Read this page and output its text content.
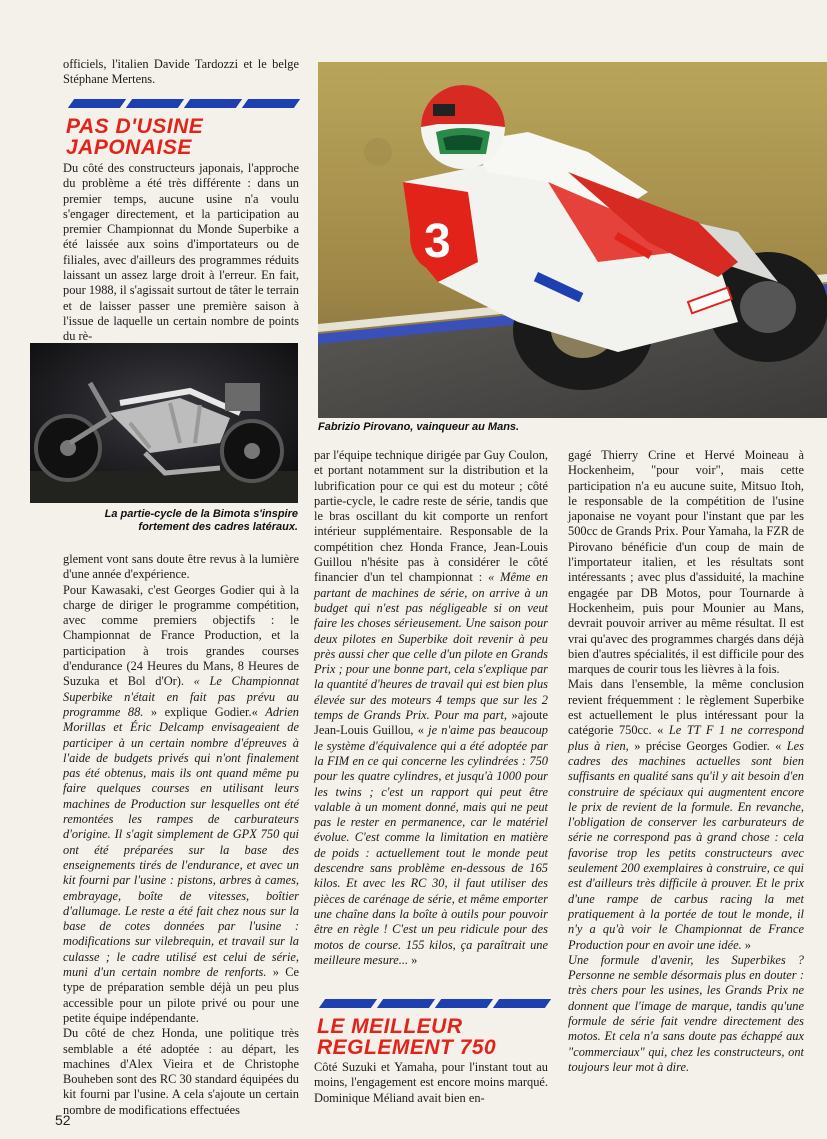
officiels, l'italien Davide Tardozzi et le belge Stéphane Mertens.

PAS D'USINE
JAPONAISE

Du côté des constructeurs japonais, l'approche du problème a été très différente : dans un premier temps, aucune usine n'a voulu s'engager directement, et la participation au premier Championnat du Monde Superbike a été laissée aux soins d'importateurs ou de filiales, avec d'ailleurs des programmes réduits laissant un assez large droit à l'erreur. En fait, pour 1988, il s'agissait surtout de tâter le terrain et de laisser passer une première saison à l'issue de laquelle un certain nombre de points du rè-

La partie-cycle de la Bimota s'inspire
fortement des cadres latéraux.

glement vont sans doute être revus à la lumière d'une année d'expérience.

Pour Kawasaki, c'est Georges Godier qui à la charge de diriger le programme compétition, avec comme premiers objectifs : le Championnat de France Production, et la participation à trois grandes courses d'endurance (24 Heures du Mans, 8 Heures de Suzuka et Bol d'Or). « Le Championnat Superbike n'était en fait pas prévu au programme 88. » explique Godier.« Adrien Morillas et Éric Delcamp envisageaient de participer à un certain nombre d'épreuves à l'aide de budgets privés qui n'ont finalement pas été obtenus, mais ils ont quand même pu faire quelques courses en utilisant leurs machines de Production sur lesquelles ont été remontées les rampes de carburateurs d'origine. Il s'agit simplement de GPX 750 qui ont été préparées sur la base des enseignements tirés de l'endurance, et avec un kit fourni par l'usine : pistons, arbres à cames, embrayage, boîte de vitesses, boîtier d'allumage. Le reste a été fait chez nous sur la base de cotes données par l'usine : modifications sur vilebrequin, et travail sur la culasse ; le cadre utilisé est celui de série, muni d'un certain nombre de renforts. » Ce type de préparation semble déjà un peu plus accessible pour un pilote privé ou pour une petite équipe indépendante.

Du côté de chez Honda, une politique très semblable a été adoptée : au départ, les machines d'Alex Vieira et de Christophe Bouheben sont des RC 30 standard équipées du kit fourni par l'usine. A cela s'ajoute un certain nombre de modifications effectuées

3
Fabrizio Pirovano, vainqueur au Mans.

par l'équipe technique dirigée par Guy Coulon, et portant notamment sur la distribution et la lubrification pour ce qui est du moteur ; côté partie-cycle, le cadre reste de série, tandis que le bras oscillant du kit comporte un renfort intérieur supplémentaire. Responsable de la compétition chez Honda France, Jean-Louis Guillou n'hésite pas à considérer le côté financier d'un tel championnat : « Même en partant de machines de série, on arrive à un budget qui n'est pas négligeable si on veut faire les choses sérieusement. Une saison pour deux pilotes en Superbike doit revenir à peu près aussi cher que celle d'un pilote en Grands Prix ; pour une bonne part, cela s'explique par la quantité d'heures de travail qui est bien plus élevée sur des moteurs 4 temps que sur les 2 temps de Grands Prix. Pour ma part, »ajoute Jean-Louis Guillou, « je n'aime pas beaucoup le système d'équivalence qui a été adoptée par la FIM en ce qui concerne les cylindrées : 750 pour les quatre cylindres, et jusqu'à 1000 pour les twins ; c'est un rapport qui peut être valable à un moment donné, mais qui ne peut pas le rester en permanence, car le matériel évolue. C'est comme la limitation en matière de poids : actuellement tout le monde peut descendre sans problème en-dessous de 165 kilos. Et avec les RC 30, il faut utiliser des pièces de carénage de série, et même emporter une chaîne dans la boîte à outils pour pouvoir être en règle ! C'est un peu ridicule pour des motos de course. 155 kilos, ça paraîtrait une meilleure mesure... »

LE MEILLEUR
REGLEMENT 750

Côté Suzuki et Yamaha, pour l'instant tout au moins, l'engagement est encore moins marqué. Dominique Méliand avait bien en-

gagé Thierry Crine et Hervé Moineau à Hockenheim, "pour voir", mais cette participation n'a eu aucune suite, Mitsuo Itoh, le responsable de la compétition de l'usine japonaise ne voyant pour l'instant que par les 500cc de Grands Prix. Pour Yamaha, la FZR de Pirovano bénéficie d'un coup de main de l'importateur italien, et les résultats sont intéressants ; avec plus d'assiduité, la machine engagée par DB Motos, pour Tournarde à Hockenheim, puis pour Mounier au Mans, devrait pouvoir arriver au même résultat. Il est vrai qu'avec des programmes chargés dans déjà bien d'autres spécialités, il est difficile pour des marques de courir tous les lièvres à la fois.

Mais dans l'ensemble, la même conclusion revient fréquemment : le règlement Superbike est actuellement le plus intéressant pour la catégorie 750cc. « Le TT F 1 ne correspond plus à rien, » précise Georges Godier. « Les cadres des machines actuelles sont bien suffisants en qualité sans qu'il y ait besoin d'en construire de spéciaux qui augmentent encore le prix de revient de la formule. En revanche, l'obligation de conserver les carburateurs de série ne correspond pas à grand chose : cela favorise trop les petits constructeurs avec seulement 200 exemplaires à construire, ce qui est d'ailleurs très difficile à prouver. Et le prix d'une rampe de carbus racing la met pratiquement à la portée de tout le monde, il n'y a qu'à voir le Championnat de France Production pour en avoir une idée. »

Une formule d'avenir, les Superbikes ? Personne ne semble désormais plus en douter : très chers pour les usines, les Grands Prix ne donnent que l'image de marque, tandis qu'une formule de série fait vendre directement des motos. Et cela n'a sans doute pas échappé aux "commerciaux" qui, chez les constructeurs, ont toujours leur mot à dire.

52
